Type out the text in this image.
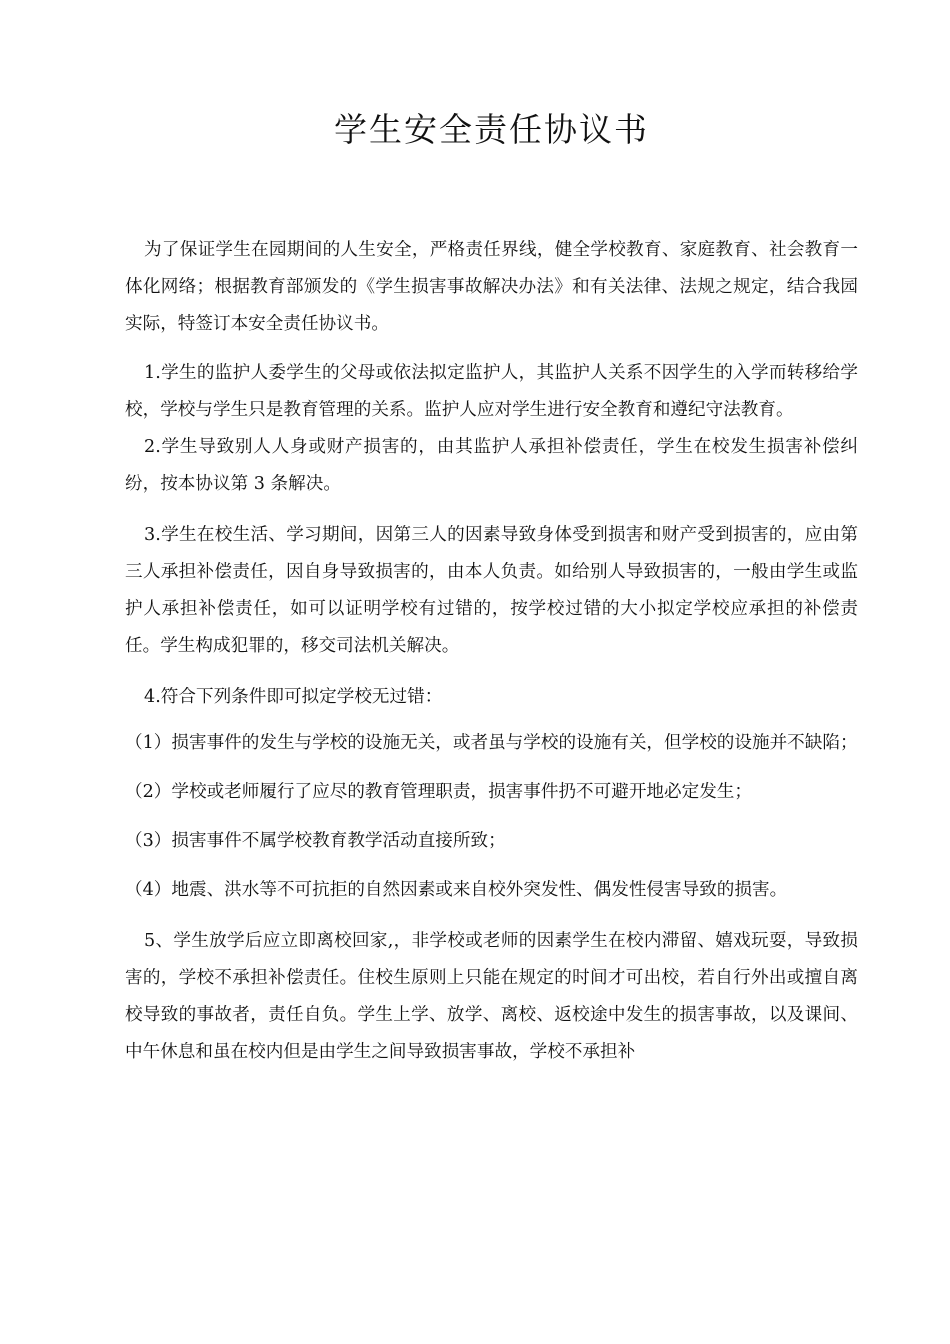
学生安全责任协议书

为了保证学生在园期间的人生安全，严格责任界线，健全学校教育、家庭教育、社会教育一体化网络；根据教育部颁发的《学生损害事故解决办法》和有关法律、法规之规定，结合我园实际，特签订本安全责任协议书。

1.学生的监护人委学生的父母或依法拟定监护人，其监护人关系不因学生的入学而转移给学校，学校与学生只是教育管理的关系。监护人应对学生进行安全教育和遵纪守法教育。

2.学生导致别人人身或财产损害的，由其监护人承担补偿责任，学生在校发生损害补偿纠纷，按本协议第 3 条解决。

3.学生在校生活、学习期间，因第三人的因素导致身体受到损害和财产受到损害的，应由第三人承担补偿责任，因自身导致损害的，由本人负责。如给别人导致损害的，一般由学生或监护人承担补偿责任，如可以证明学校有过错的，按学校过错的大小拟定学校应承担的补偿责任。学生构成犯罪的，移交司法机关解决。

4.符合下列条件即可拟定学校无过错：

（1）损害事件的发生与学校的设施无关，或者虽与学校的设施有关，但学校的设施并不缺陷；

（2）学校或老师履行了应尽的教育管理职责，损害事件扔不可避开地必定发生；

（3）损害事件不属学校教育教学活动直接所致；

（4）地震、洪水等不可抗拒的自然因素或来自校外突发性、偶发性侵害导致的损害。

5、学生放学后应立即离校回家,，非学校或老师的因素学生在校内滞留、嬉戏玩耍，导致损害的，学校不承担补偿责任。住校生原则上只能在规定的时间才可出校，若自行外出或擅自离校导致的事故者，责任自负。学生上学、放学、离校、返校途中发生的损害事故，以及课间、中午休息和虽在校内但是由学生之间导致损害事故，学校不承担补
